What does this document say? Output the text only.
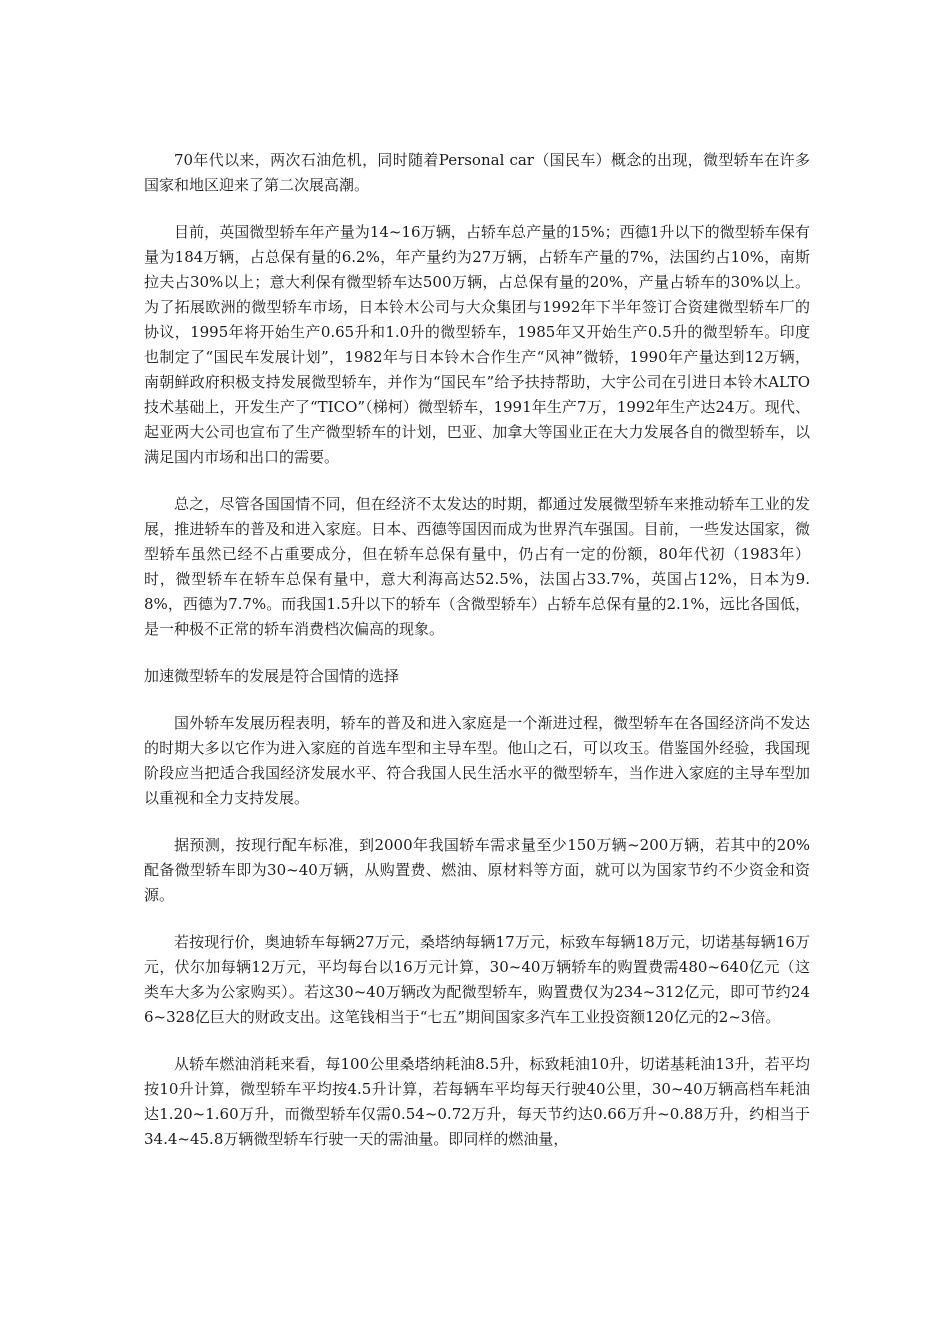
70年代以来，两次石油危机，同时随着Personal car（国民车）概念的出现，微型轿车在许多国家和地区迎来了第二次展高潮。

目前，英国微型轿车年产量为14~16万辆，占轿车总产量的15%；西德1升以下的微型轿车保有量为184万辆，占总保有量的6.2%，年产量约为27万辆，占轿车产量的7%，法国约占10%，南斯拉夫占30%以上；意大利保有微型轿车达500万辆，占总保有量的20%，产量占轿车的30%以上。为了拓展欧洲的微型轿车市场，日本铃木公司与大众集团与1992年下半年签订合资建微型轿车厂的协议，1995年将开始生产0.65升和1.0升的微型轿车，1985年又开始生产0.5升的微型轿车。印度也制定了“国民车发展计划”，1982年与日本铃木合作生产“风神”微轿，1990年产量达到12万辆，南朝鲜政府积极支持发展微型轿车，并作为“国民车”给予扶持帮助，大宇公司在引进日本铃木ALTO技术基础上，开发生产了“TICO”（梯柯）微型轿车，1991年生产7万，1992年生产达24万。现代、起亚两大公司也宣布了生产微型轿车的计划，巴亚、加拿大等国业正在大力发展各自的微型轿车，以满足国内市场和出口的需要。

总之，尽管各国国情不同，但在经济不太发达的时期，都通过发展微型轿车来推动轿车工业的发展，推进轿车的普及和进入家庭。日本、西德等国因而成为世界汽车强国。目前，一些发达国家，微型轿车虽然已经不占重要成分，但在轿车总保有量中，仍占有一定的份额，80年代初（1983年）时，微型轿车在轿车总保有量中，意大利海高达52.5%，法国占33.7%，英国占12%，日本为9.8%，西德为7.7%。而我国1.5升以下的轿车（含微型轿车）占轿车总保有量的2.1%，远比各国低，是一种极不正常的轿车消费档次偏高的现象。

加速微型轿车的发展是符合国情的选择

国外轿车发展历程表明，轿车的普及和进入家庭是一个渐进过程，微型轿车在各国经济尚不发达的时期大多以它作为进入家庭的首选车型和主导车型。他山之石，可以攻玉。借鉴国外经验，我国现阶段应当把适合我国经济发展水平、符合我国人民生活水平的微型轿车，当作进入家庭的主导车型加以重视和全力支持发展。

据预测，按现行配车标准，到2000年我国轿车需求量至少150万辆~200万辆，若其中的20%配备微型轿车即为30~40万辆，从购置费、燃油、原材料等方面，就可以为国家节约不少资金和资源。

若按现行价，奥迪轿车每辆27万元，桑塔纳每辆17万元，标致车每辆18万元，切诺基每辆16万元，伏尔加每辆12万元，平均每台以16万元计算，30~40万辆轿车的购置费需480~640亿元（这类车大多为公家购买）。若这30~40万辆改为配微型轿车，购置费仅为234~312亿元，即可节约246~328亿巨大的财政支出。这笔钱相当于“七五”期间国家多汽车工业投资额120亿元的2~3倍。

从轿车燃油消耗来看，每100公里桑塔纳耗油8.5升，标致耗油10升，切诺基耗油13升，若平均按10升计算，微型轿车平均按4.5升计算，若每辆车平均每天行驶40公里，30~40万辆高档车耗油达1.20~1.60万升，而微型轿车仅需0.54~0.72万升，每天节约达0.66万升~0.88万升，约相当于34.4~45.8万辆微型轿车行驶一天的需油量。即同样的燃油量，
